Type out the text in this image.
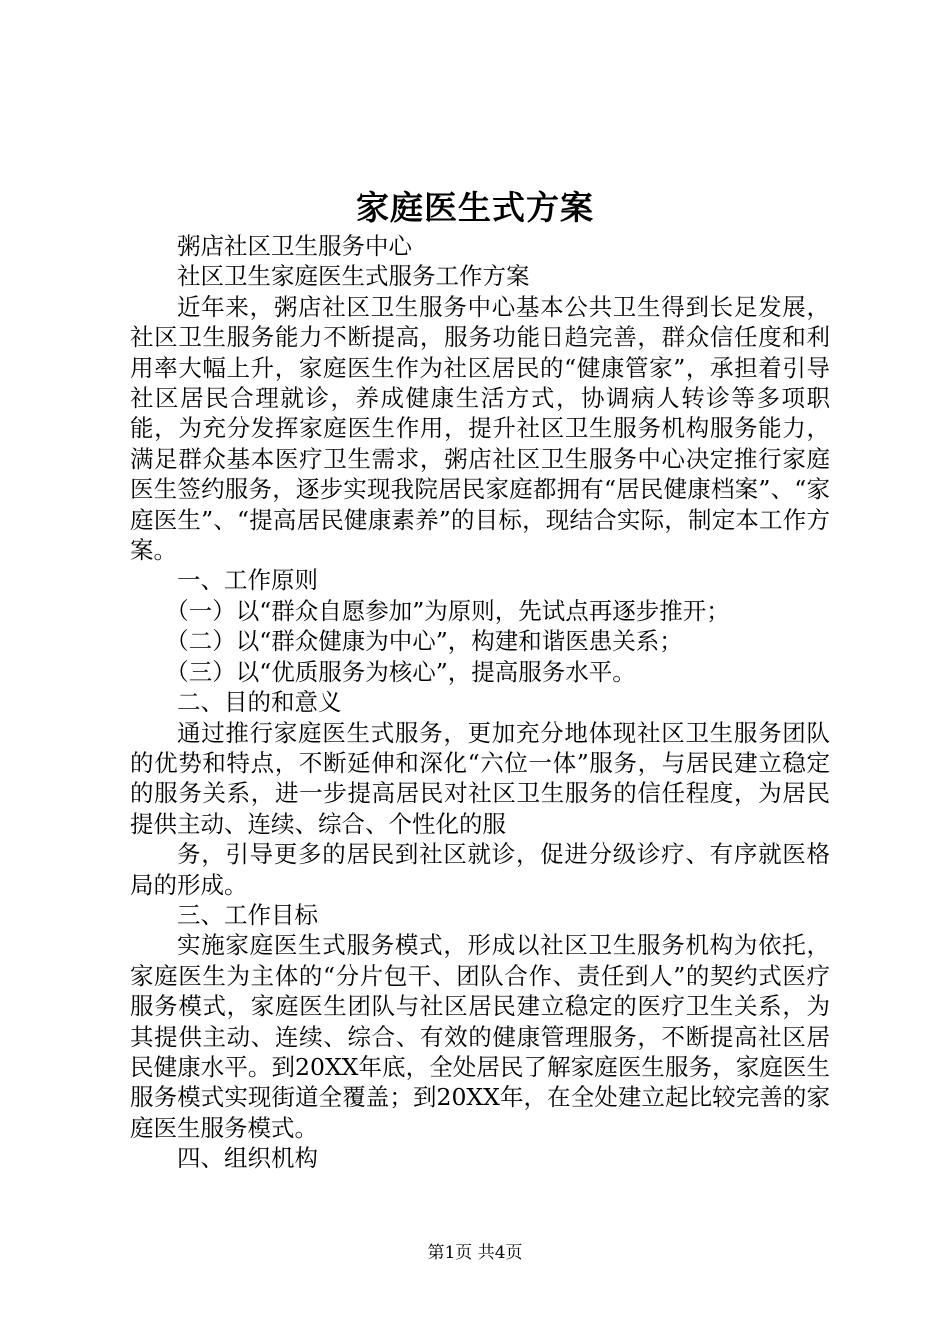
家庭医生式方案

粥店社区卫生服务中心

社区卫生家庭医生式服务工作方案

近年来，粥店社区卫生服务中心基本公共卫生得到长足发展，社区卫生服务能力不断提高，服务功能日趋完善，群众信任度和利用率大幅上升，家庭医生作为社区居民的“健康管家”，承担着引导社区居民合理就诊，养成健康生活方式，协调病人转诊等多项职能，为充分发挥家庭医生作用，提升社区卫生服务机构服务能力，满足群众基本医疗卫生需求，粥店社区卫生服务中心决定推行家庭医生签约服务，逐步实现我院居民家庭都拥有“居民健康档案”、“家庭医生”、“提高居民健康素养”的目标，现结合实际，制定本工作方案。

一、工作原则

（一）以“群众自愿参加”为原则，先试点再逐步推开；

（二）以“群众健康为中心”，构建和谐医患关系；

（三）以“优质服务为核心”，提高服务水平。

二、目的和意义

通过推行家庭医生式服务，更加充分地体现社区卫生服务团队的优势和特点，不断延伸和深化“六位一体”服务，与居民建立稳定的服务关系，进一步提高居民对社区卫生服务的信任程度，为居民提供主动、连续、综合、个性化的服

务，引导更多的居民到社区就诊，促进分级诊疗、有序就医格局的形成。

三、工作目标

实施家庭医生式服务模式，形成以社区卫生服务机构为依托，家庭医生为主体的“分片包干、团队合作、责任到人”的契约式医疗服务模式，家庭医生团队与社区居民建立稳定的医疗卫生关系，为其提供主动、连续、综合、有效的健康管理服务，不断提高社区居民健康水平。到20XX年底，全处居民了解家庭医生服务，家庭医生服务模式实现街道全覆盖；到20XX年，在全处建立起比较完善的家庭医生服务模式。

四、组织机构

第1页 共4页
